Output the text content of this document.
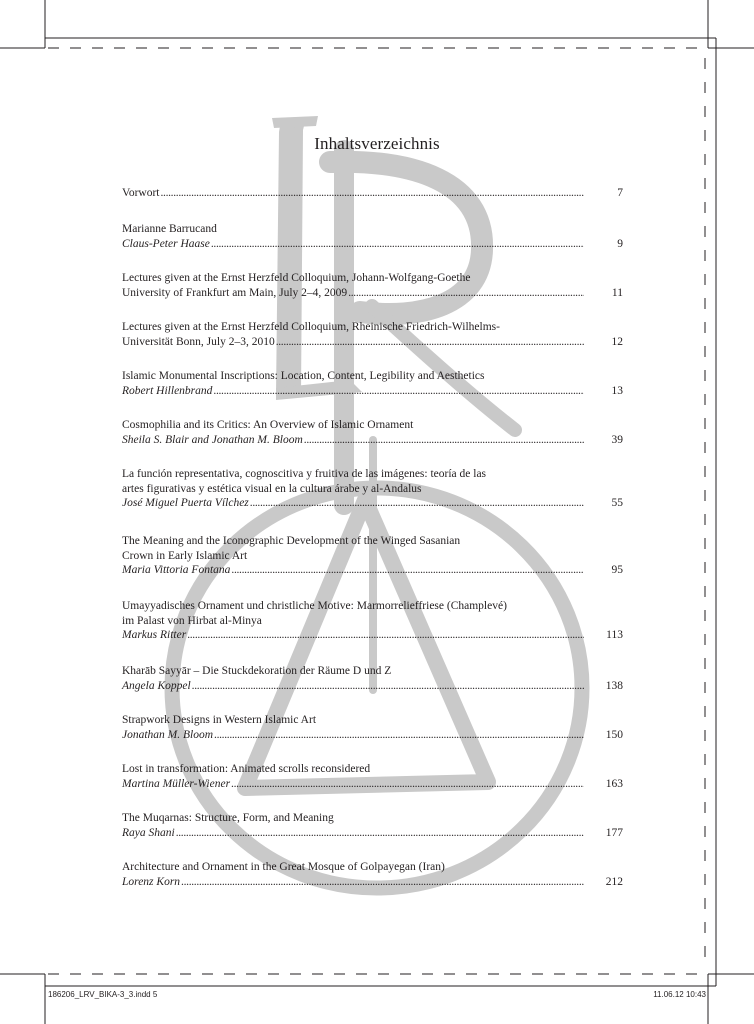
Inhaltsverzeichnis
Vorwort . . .	7
Marianne Barrucand
Claus-Peter Haase . . .	9
Lectures given at the Ernst Herzfeld Colloquium, Johann-Wolfgang-Goethe
University of Frankfurt am Main, July 2–4, 2009 . . .	11
Lectures given at the Ernst Herzfeld Colloquium, Rheinische Friedrich-Wilhelms-
Universität Bonn, July 2–3, 2010 . . .	12
Islamic Monumental Inscriptions: Location, Content, Legibility and Aesthetics
Robert Hillenbrand . . .	13
Cosmophilia and its Critics: An Overview of Islamic Ornament
Sheila S. Blair and Jonathan M. Bloom . . .	39
La función representativa, cognoscitiva y fruitiva de las imágenes: teoría de las
artes figurativas y estética visual en la cultura árabe y al-Andalus
José Miguel Puerta Vílchez . . .	55
The Meaning and the Iconographic Development of the Winged Sasanian
Crown in Early Islamic Art
Maria Vittoria Fontana . . .	95
Umayyadisches Ornament und christliche Motive: Marmorrelieffriese (Champlevé)
im Palast von Hirbat al-Minya
Markus Ritter . . .	113
Kharāb Sayyār – Die Stuckdekoration der Räume D und Z
Angela Koppel . . .	138
Strapwork Designs in Western Islamic Art
Jonathan M. Bloom . . .	150
Lost in transformation: Animated scrolls reconsidered
Martina Müller-Wiener . . .	163
The Muqarnas: Structure, Form, and Meaning
Raya Shani . . .	177
Architecture and Ornament in the Great Mosque of Golpayegan (Iran)
Lorenz Korn . . .	212
186206_LRV_BIKA-3_3.indd 5	11.06.12 10:43
